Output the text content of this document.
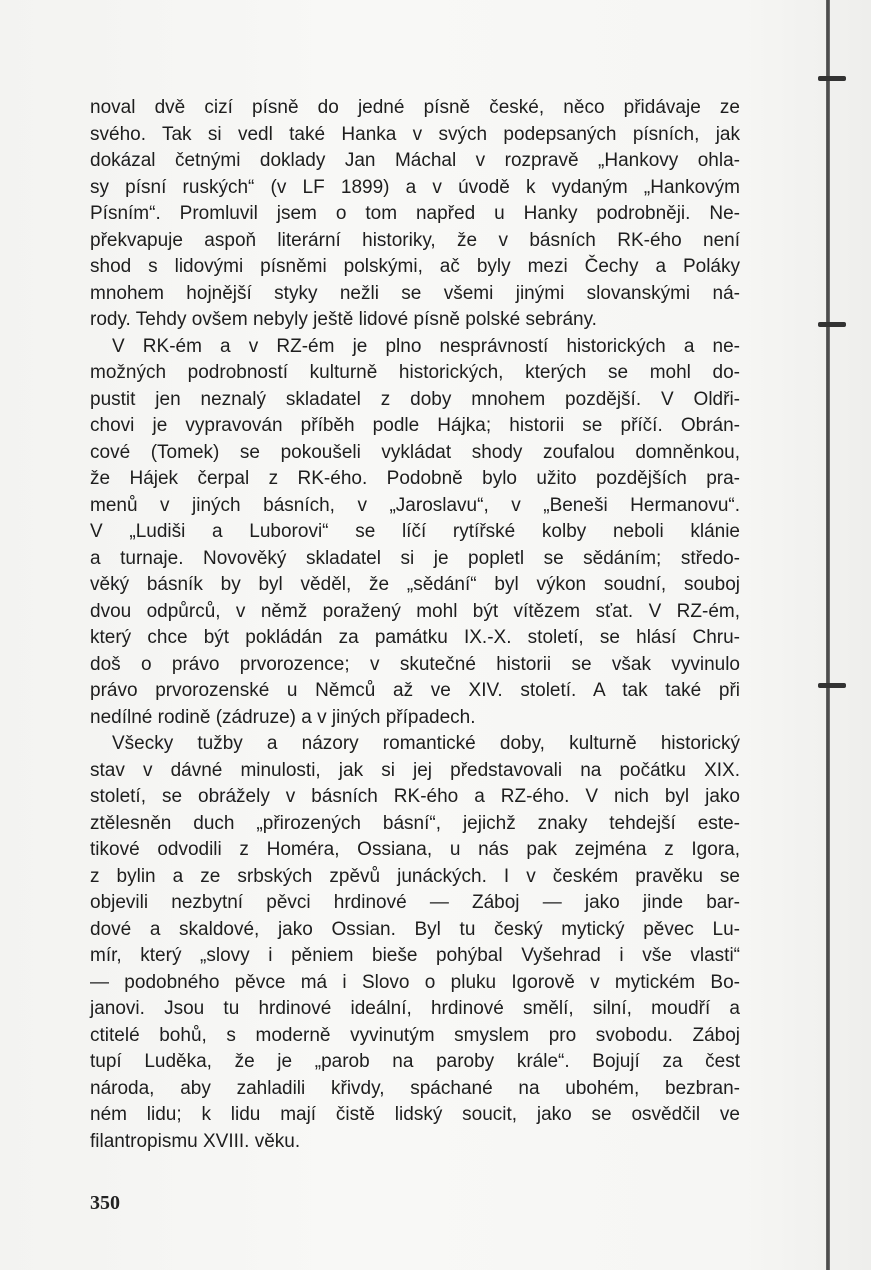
noval dvě cizí písně do jedné písně české, něco přidávaje ze
svého. Tak si vedl také Hanka v svých podepsaných písních, jak
dokázal četnými doklady Jan Máchal v rozpravě „Hankovy ohla-
sy písní ruských“ (v LF 1899) a v úvodě k vydaným „Hankovým
Písním“. Promluvil jsem o tom napřed u Hanky podrobněji. Ne-
překvapuje aspoň literární historiky, že v básních RK-ého není
shod s lidovými písněmi polskými, ač byly mezi Čechy a Poláky
mnohem hojnější styky nežli se všemi jinými slovanskými ná-
rody. Tehdy ovšem nebyly ještě lidové písně polské sebrány.
V RK-ém a v RZ-ém je plno nesprávností historických a ne-
možných podrobností kulturně historických, kterých se mohl do-
pustit jen neznalý skladatel z doby mnohem pozdější. V Oldři-
chovi je vypravován příběh podle Hájka; historii se příčí. Obrán-
cové (Tomek) se pokoušeli vykládat shody zoufalou domněnkou,
že Hájek čerpal z RK-ého. Podobně bylo užito pozdějších pra-
menů v jiných básních, v „Jaroslavu“, v „Beneši Hermanovu“.
V „Ludiši a Luborovi“ se líčí rytířské kolby neboli klánie
a turnaje. Novověký skladatel si je popletl se sědáním; středo-
věký básník by byl věděl, že „sědání“ byl výkon soudní, souboj
dvou odpůrců, v němž poražený mohl být vítězem sťat. V RZ-ém,
který chce být pokládán za památku IX.-X. století, se hlásí Chru-
doš o právo prvorozence; v skutečné historii se však vyvinulo
právo prvorozenské u Němců až ve XIV. století. A tak také při
nedílné rodině (zádruze) a v jiných případech.
Všecky tužby a názory romantické doby, kulturně historický
stav v dávné minulosti, jak si jej představovali na počátku XIX.
století, se obrážely v básních RK-ého a RZ-ého. V nich byl jako
ztělesněn duch „přirozených básní“, jejichž znaky tehdejší este-
tikové odvodili z Homéra, Ossiana, u nás pak zejména z Igora,
z bylin a ze srbských zpěvů junáckých. I v českém pravěku se
objevili nezbytní pěvci hrdinové — Záboj — jako jinde bar-
dové a skaldové, jako Ossian. Byl tu český mytický pěvec Lu-
mír, který „slovy i pěniem bieše pohýbal Vyšehrad i vše vlasti“
— podobného pěvce má i Slovo o pluku Igorově v mytickém Bo-
janovi. Jsou tu hrdinové ideální, hrdinové smělí, silní, moudří a
ctitelé bohů, s moderně vyvinutým smyslem pro svobodu. Záboj
tupí Luděka, že je „parob na paroby krále“. Bojují za čest
národa, aby zahladili křivdy, spáchané na ubohém, bezbran-
ném lidu; k lidu mají čistě lidský soucit, jako se osvědčil ve
filantropismu XVIII. věku.
350
